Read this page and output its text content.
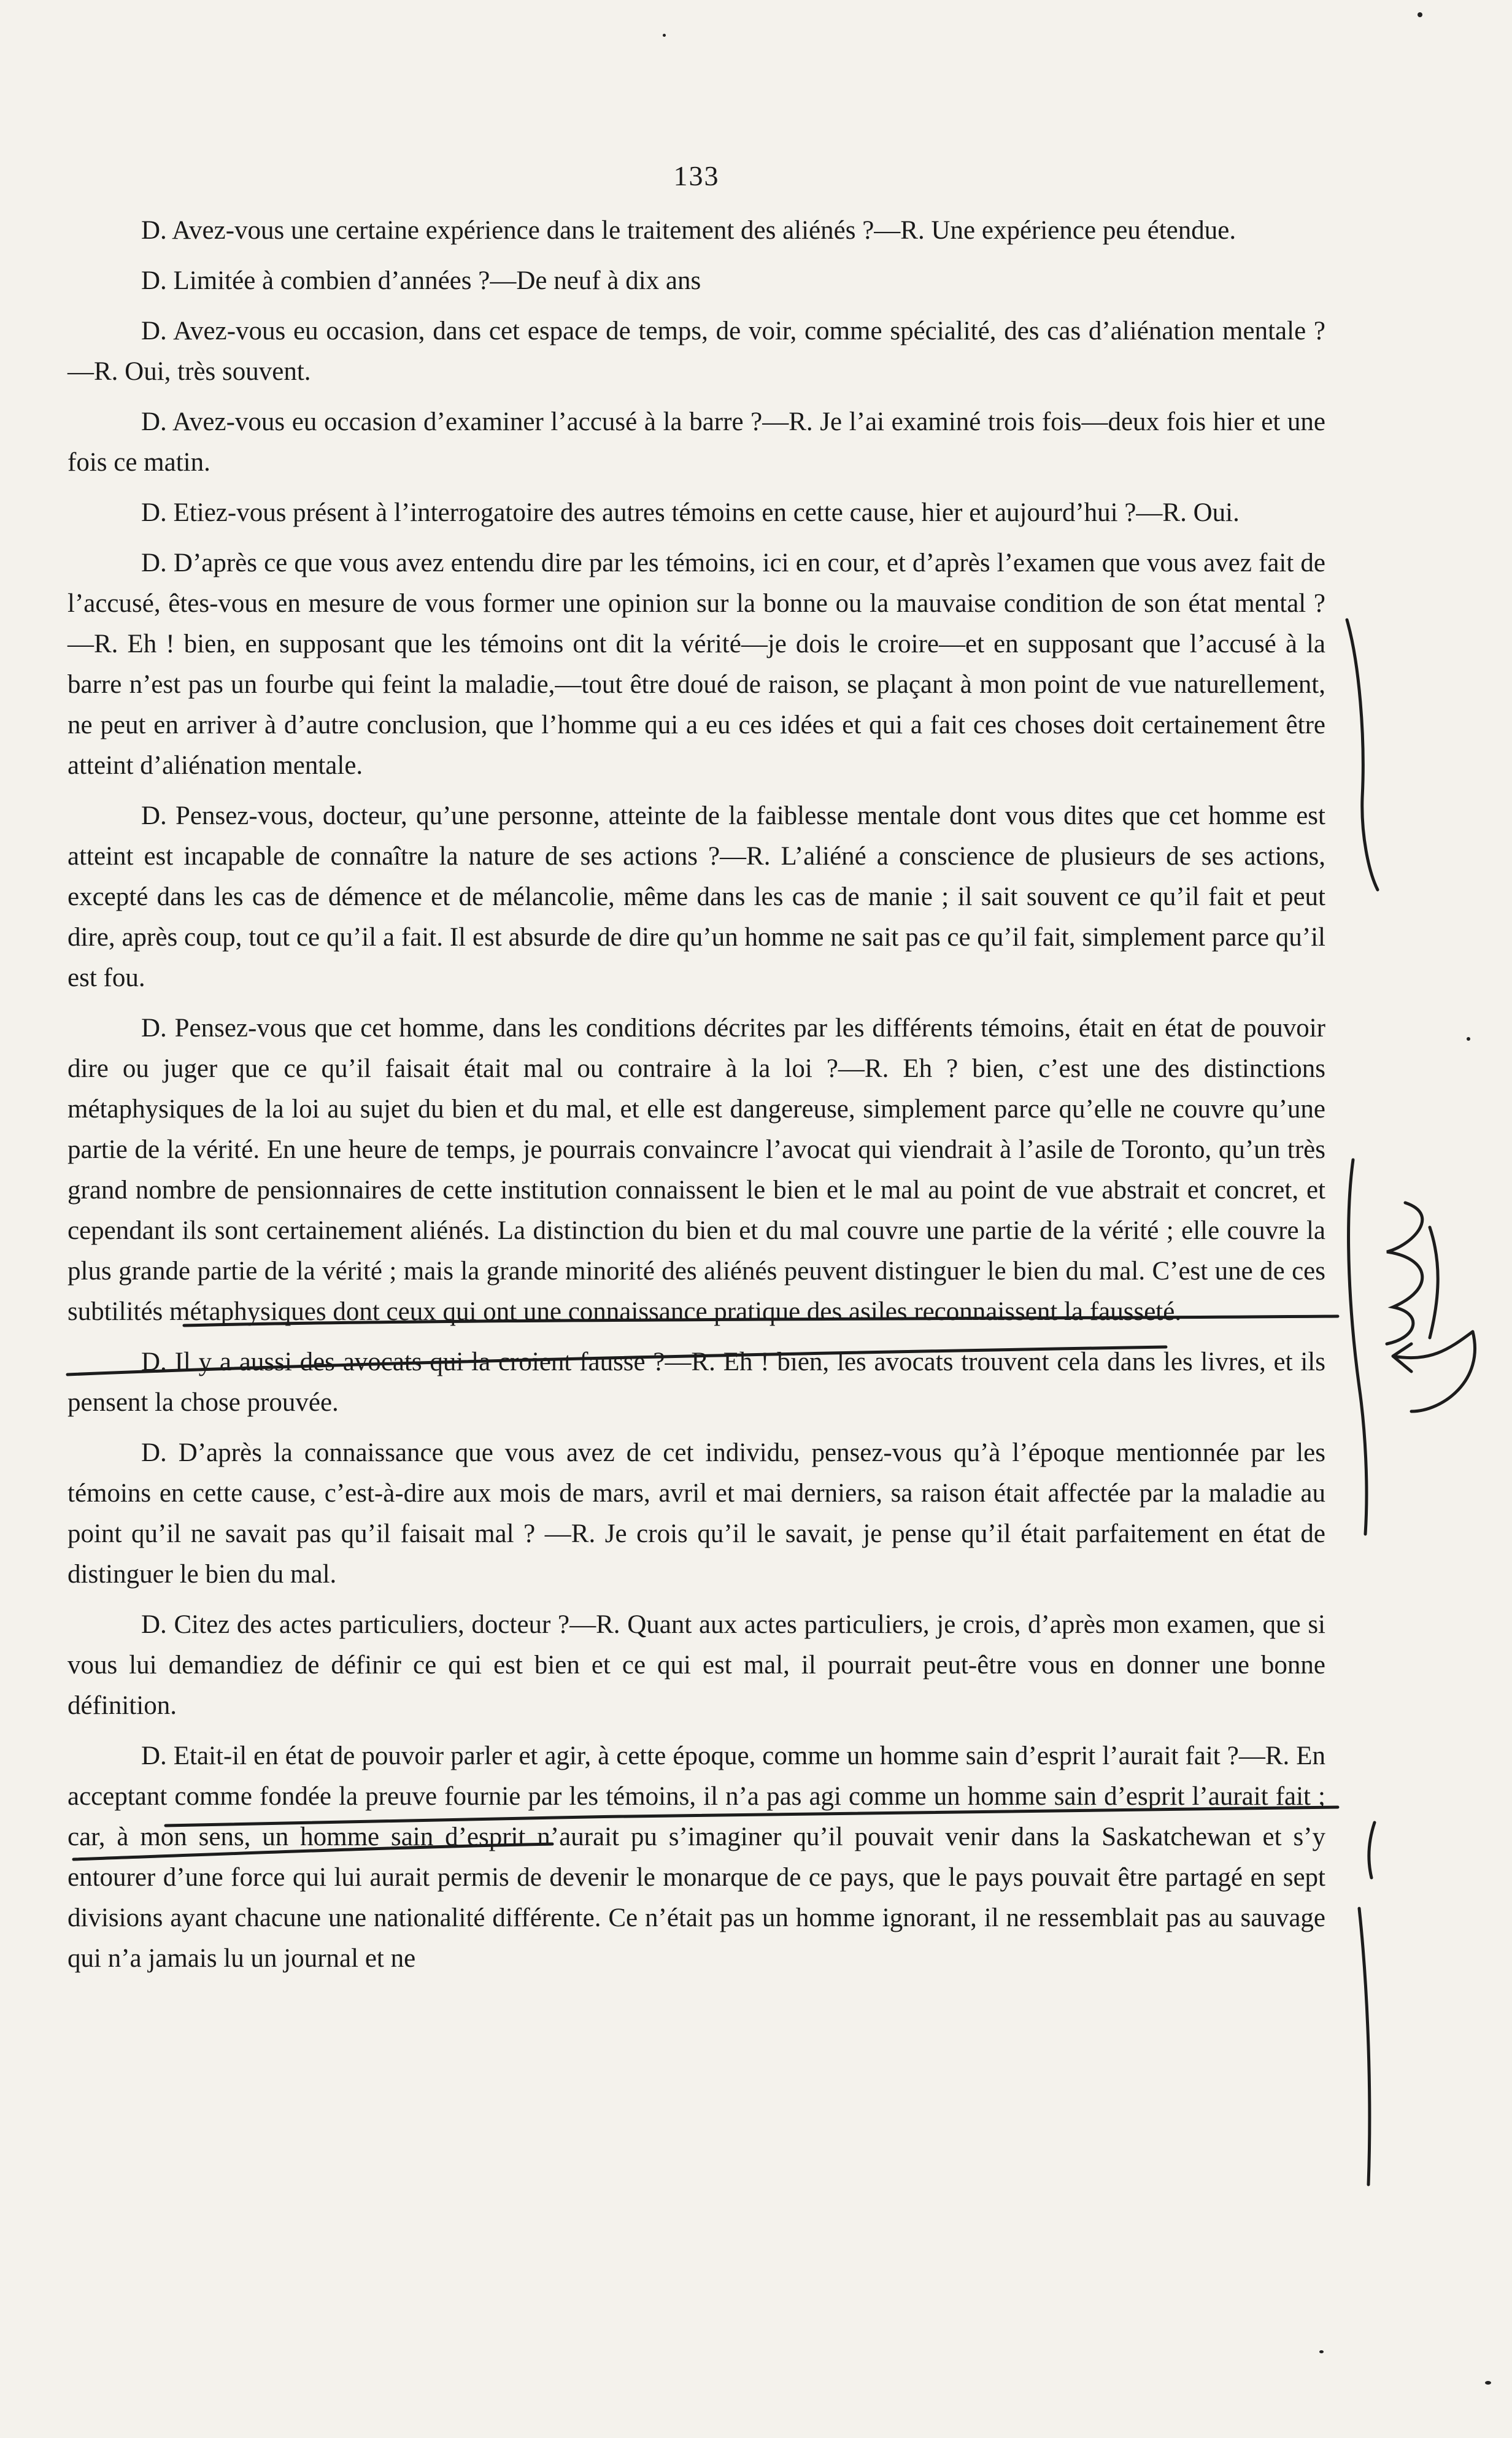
133

D. Avez-vous une certaine expérience dans le traitement des aliénés ?—R. Une expérience peu étendue.

D. Limitée à combien d’années ?—De neuf à dix ans

D. Avez-vous eu occasion, dans cet espace de temps, de voir, comme spécialité, des cas d’aliénation mentale ?—R. Oui, très souvent.

D. Avez-vous eu occasion d’examiner l’accusé à la barre ?—R. Je l’ai examiné trois fois—deux fois hier et une fois ce matin.

D. Etiez-vous présent à l’interrogatoire des autres témoins en cette cause, hier et aujourd’hui ?—R. Oui.

D. D’après ce que vous avez entendu dire par les témoins, ici en cour, et d’après l’examen que vous avez fait de l’accusé, êtes-vous en mesure de vous former une opinion sur la bonne ou la mauvaise condition de son état mental ?—R. Eh ! bien, en supposant que les témoins ont dit la vérité—je dois le croire—et en supposant que l’accusé à la barre n’est pas un fourbe qui feint la maladie,—tout être doué de raison, se plaçant à mon point de vue naturellement, ne peut en arriver à d’autre conclusion, que l’homme qui a eu ces idées et qui a fait ces choses doit certainement être atteint d’aliénation mentale.

D. Pensez-vous, docteur, qu’une personne, atteinte de la faiblesse mentale dont vous dites que cet homme est atteint est incapable de connaître la nature de ses actions ?—R. L’aliéné a conscience de plusieurs de ses actions, excepté dans les cas de démence et de mélancolie, même dans les cas de manie ; il sait souvent ce qu’il fait et peut dire, après coup, tout ce qu’il a fait. Il est absurde de dire qu’un homme ne sait pas ce qu’il fait, simplement parce qu’il est fou.

D. Pensez-vous que cet homme, dans les conditions décrites par les différents témoins, était en état de pouvoir dire ou juger que ce qu’il faisait était mal ou contraire à la loi ?—R. Eh ? bien, c’est une des distinctions métaphysiques de la loi au sujet du bien et du mal, et elle est dangereuse, simplement parce qu’elle ne couvre qu’une partie de la vérité. En une heure de temps, je pourrais convaincre l’avocat qui viendrait à l’asile de Toronto, qu’un très grand nombre de pensionnaires de cette institution connaissent le bien et le mal au point de vue abstrait et concret, et cependant ils sont certainement aliénés. La distinction du bien et du mal couvre une partie de la vérité ; elle couvre la plus grande partie de la vérité ; mais la grande minorité des aliénés peuvent distinguer le bien du mal. C’est une de ces subtilités métaphysiques dont ceux qui ont une connaissance pratique des asiles reconnaissent la fausseté.

D. Il y a aussi des avocats qui la croient fausse ?—R. Eh ! bien, les avocats trouvent cela dans les livres, et ils pensent la chose prouvée.

D. D’après la connaissance que vous avez de cet individu, pensez-vous qu’à l’époque mentionnée par les témoins en cette cause, c’est-à-dire aux mois de mars, avril et mai derniers, sa raison était affectée par la maladie au point qu’il ne savait pas qu’il faisait mal ? —R. Je crois qu’il le savait, je pense qu’il était parfaitement en état de distinguer le bien du mal.

D. Citez des actes particuliers, docteur ?—R. Quant aux actes particuliers, je crois, d’après mon examen, que si vous lui demandiez de définir ce qui est bien et ce qui est mal, il pourrait peut-être vous en donner une bonne définition.

D. Etait-il en état de pouvoir parler et agir, à cette époque, comme un homme sain d’esprit l’aurait fait ?—R. En acceptant comme fondée la preuve fournie par les témoins, il n’a pas agi comme un homme sain d’esprit l’aurait fait ; car, à mon sens, un homme sain d’esprit n’aurait pu s’imaginer qu’il pouvait venir dans la Saskatchewan et s’y entourer d’une force qui lui aurait permis de devenir le monarque de ce pays, que le pays pouvait être partagé en sept divisions ayant chacune une nationalité différente. Ce n’était pas un homme ignorant, il ne ressemblait pas au sauvage qui n’a jamais lu un journal et ne
